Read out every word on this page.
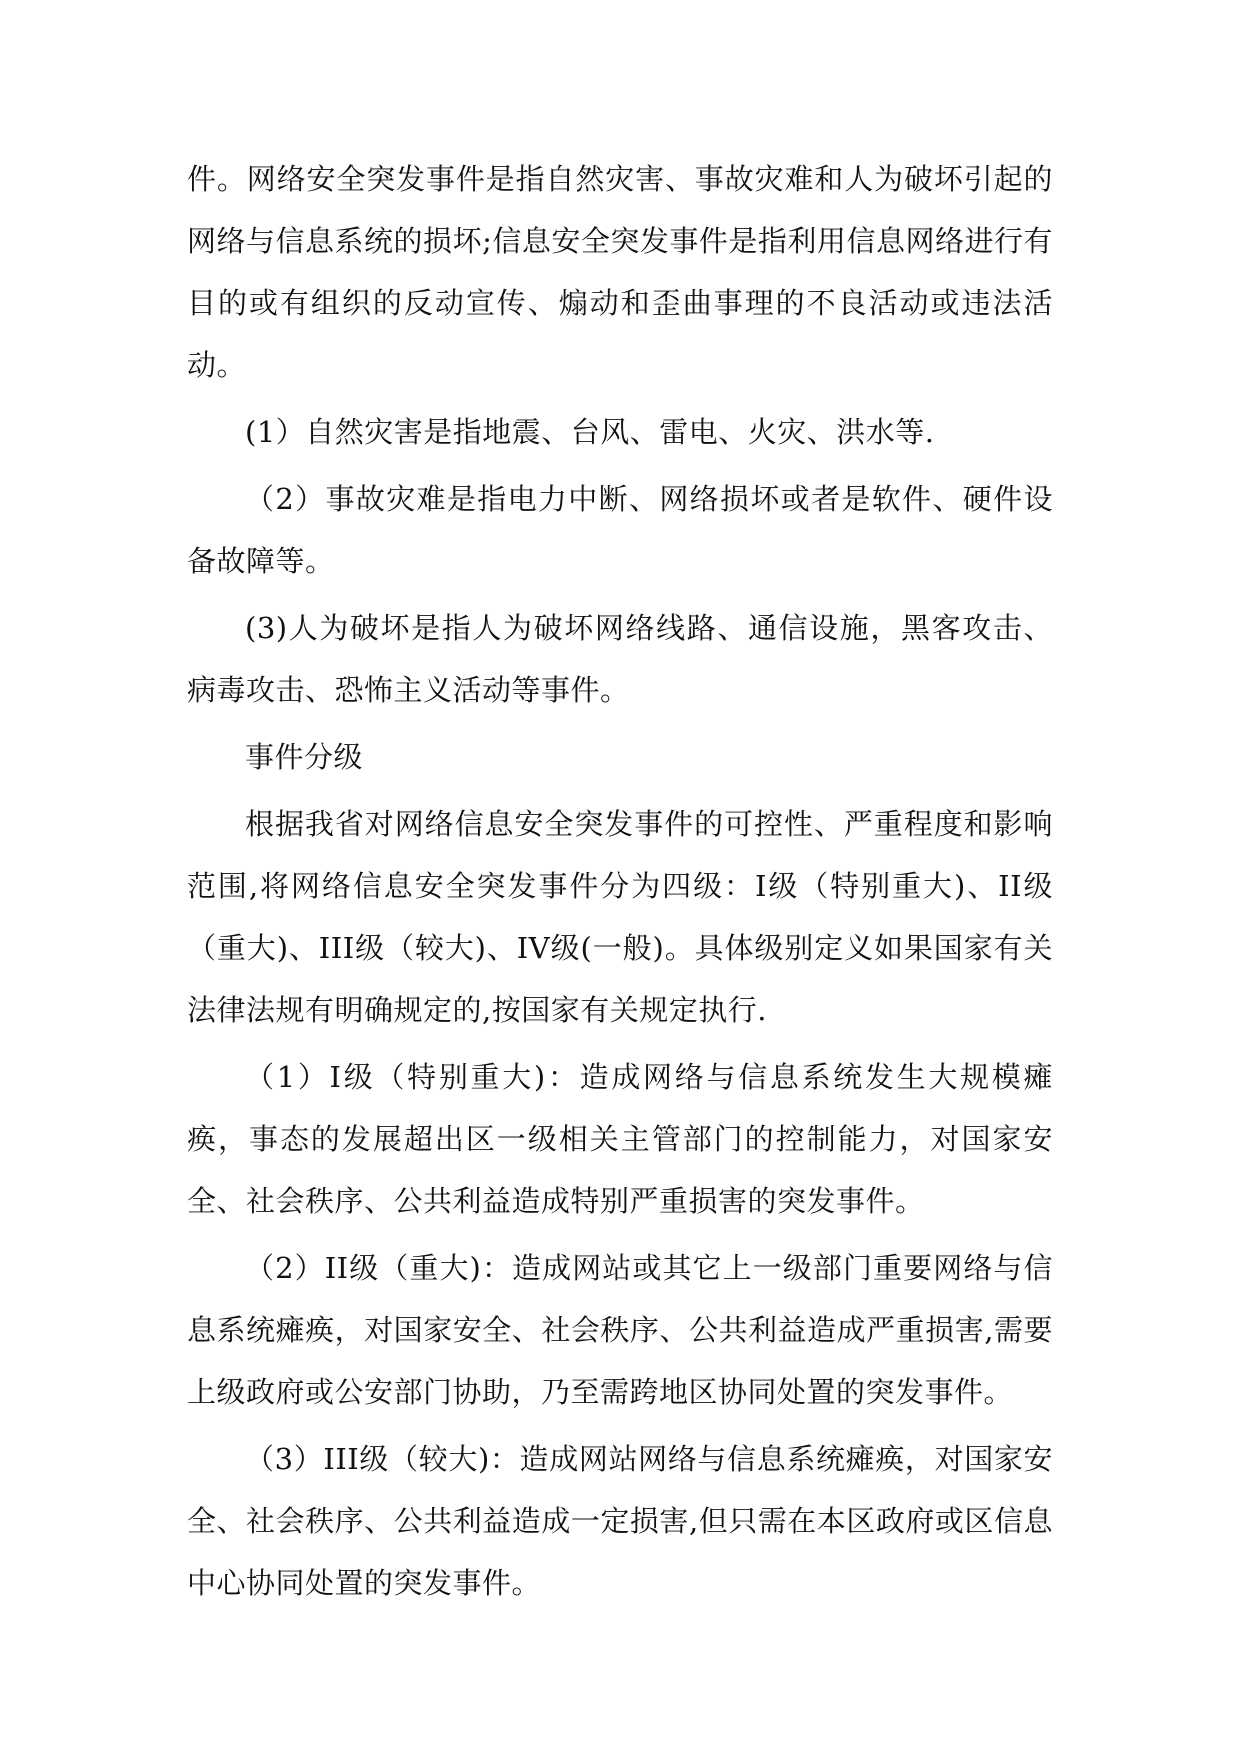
件。网络安全突发事件是指自然灾害、事故灾难和人为破坏引起的网络与信息系统的损坏;信息安全突发事件是指利用信息网络进行有目的或有组织的反动宣传、煽动和歪曲事理的不良活动或违法活动。

(1）自然灾害是指地震、台风、雷电、火灾、洪水等.

（2）事故灾难是指电力中断、网络损坏或者是软件、硬件设备故障等。

(3)人为破坏是指人为破坏网络线路、通信设施，黑客攻击、病毒攻击、恐怖主义活动等事件。

事件分级

根据我省对网络信息安全突发事件的可控性、严重程度和影响范围,将网络信息安全突发事件分为四级：I级（特别重大)、II级（重大)、III级（较大)、IV级(一般)。具体级别定义如果国家有关法律法规有明确规定的,按国家有关规定执行.

（1）I级（特别重大)：造成网络与信息系统发生大规模瘫痪，事态的发展超出区一级相关主管部门的控制能力，对国家安全、社会秩序、公共利益造成特别严重损害的突发事件。

（2）II级（重大)：造成网站或其它上一级部门重要网络与信息系统瘫痪，对国家安全、社会秩序、公共利益造成严重损害,需要上级政府或公安部门协助，乃至需跨地区协同处置的突发事件。

（3）III级（较大)：造成网站网络与信息系统瘫痪，对国家安全、社会秩序、公共利益造成一定损害,但只需在本区政府或区信息中心协同处置的突发事件。
